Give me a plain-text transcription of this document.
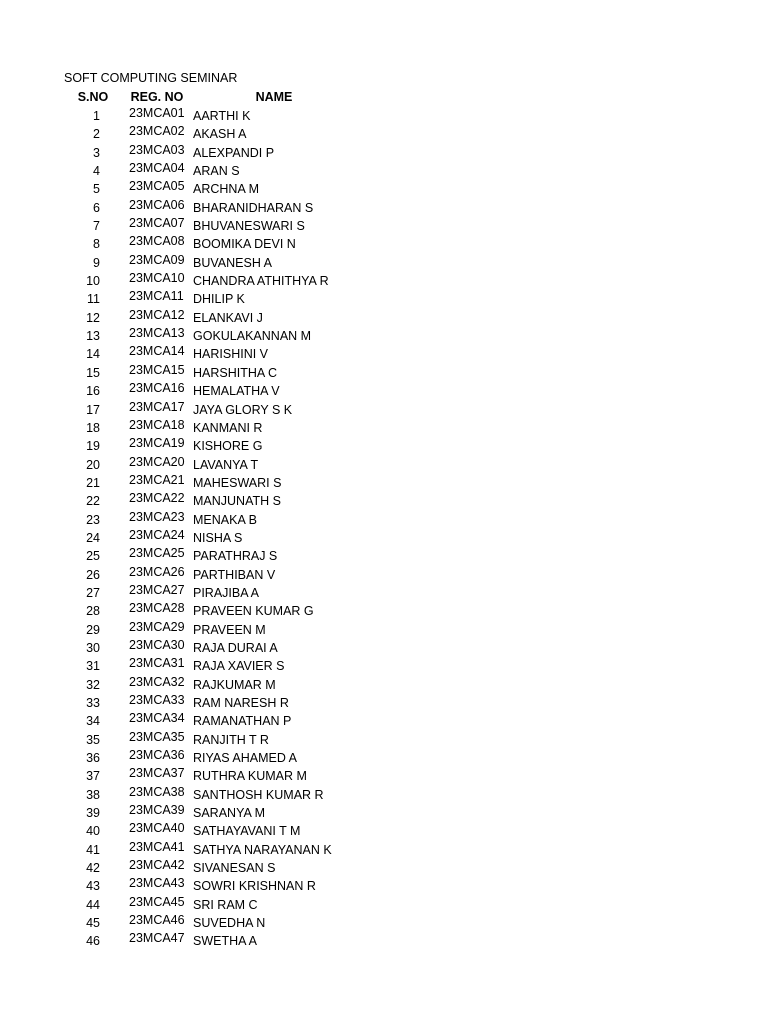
SOFT COMPUTING SEMINAR
S.NO	REG. NO	NAME
1 23MCA01 AARTHI K
2 23MCA02 AKASH A
3 23MCA03 ALEXPANDI P
4 23MCA04 ARAN S
5 23MCA05 ARCHNA M
6 23MCA06 BHARANIDHARAN S
7 23MCA07 BHUVANESWARI S
8 23MCA08 BOOMIKA DEVI N
9 23MCA09 BUVANESH A
10 23MCA10 CHANDRA ATHITHYA R
11 23MCA11 DHILIP K
12 23MCA12 ELANKAVI J
13 23MCA13 GOKULAKANNAN M
14 23MCA14 HARISHINI V
15 23MCA15 HARSHITHA C
16 23MCA16 HEMALATHA V
17 23MCA17 JAYA GLORY S K
18 23MCA18 KANMANI R
19 23MCA19 KISHORE G
20 23MCA20 LAVANYA T
21 23MCA21 MAHESWARI S
22 23MCA22 MANJUNATH S
23 23MCA23 MENAKA B
24 23MCA24 NISHA S
25 23MCA25 PARATHRAJ S
26 23MCA26 PARTHIBAN V
27 23MCA27 PIRAJIBA A
28 23MCA28 PRAVEEN KUMAR G
29 23MCA29 PRAVEEN M
30 23MCA30 RAJA DURAI A
31 23MCA31 RAJA XAVIER S
32 23MCA32 RAJKUMAR M
33 23MCA33 RAM NARESH R
34 23MCA34 RAMANATHAN P
35 23MCA35 RANJITH T R
36 23MCA36 RIYAS AHAMED A
37 23MCA37 RUTHRA KUMAR M
38 23MCA38 SANTHOSH KUMAR R
39 23MCA39 SARANYA M
40 23MCA40 SATHAYAVANI T M
41 23MCA41 SATHYA NARAYANAN K
42 23MCA42 SIVANESAN S
43 23MCA43 SOWRI KRISHNAN R
44 23MCA45 SRI RAM C
45 23MCA46 SUVEDHA N
46 23MCA47 SWETHA A
